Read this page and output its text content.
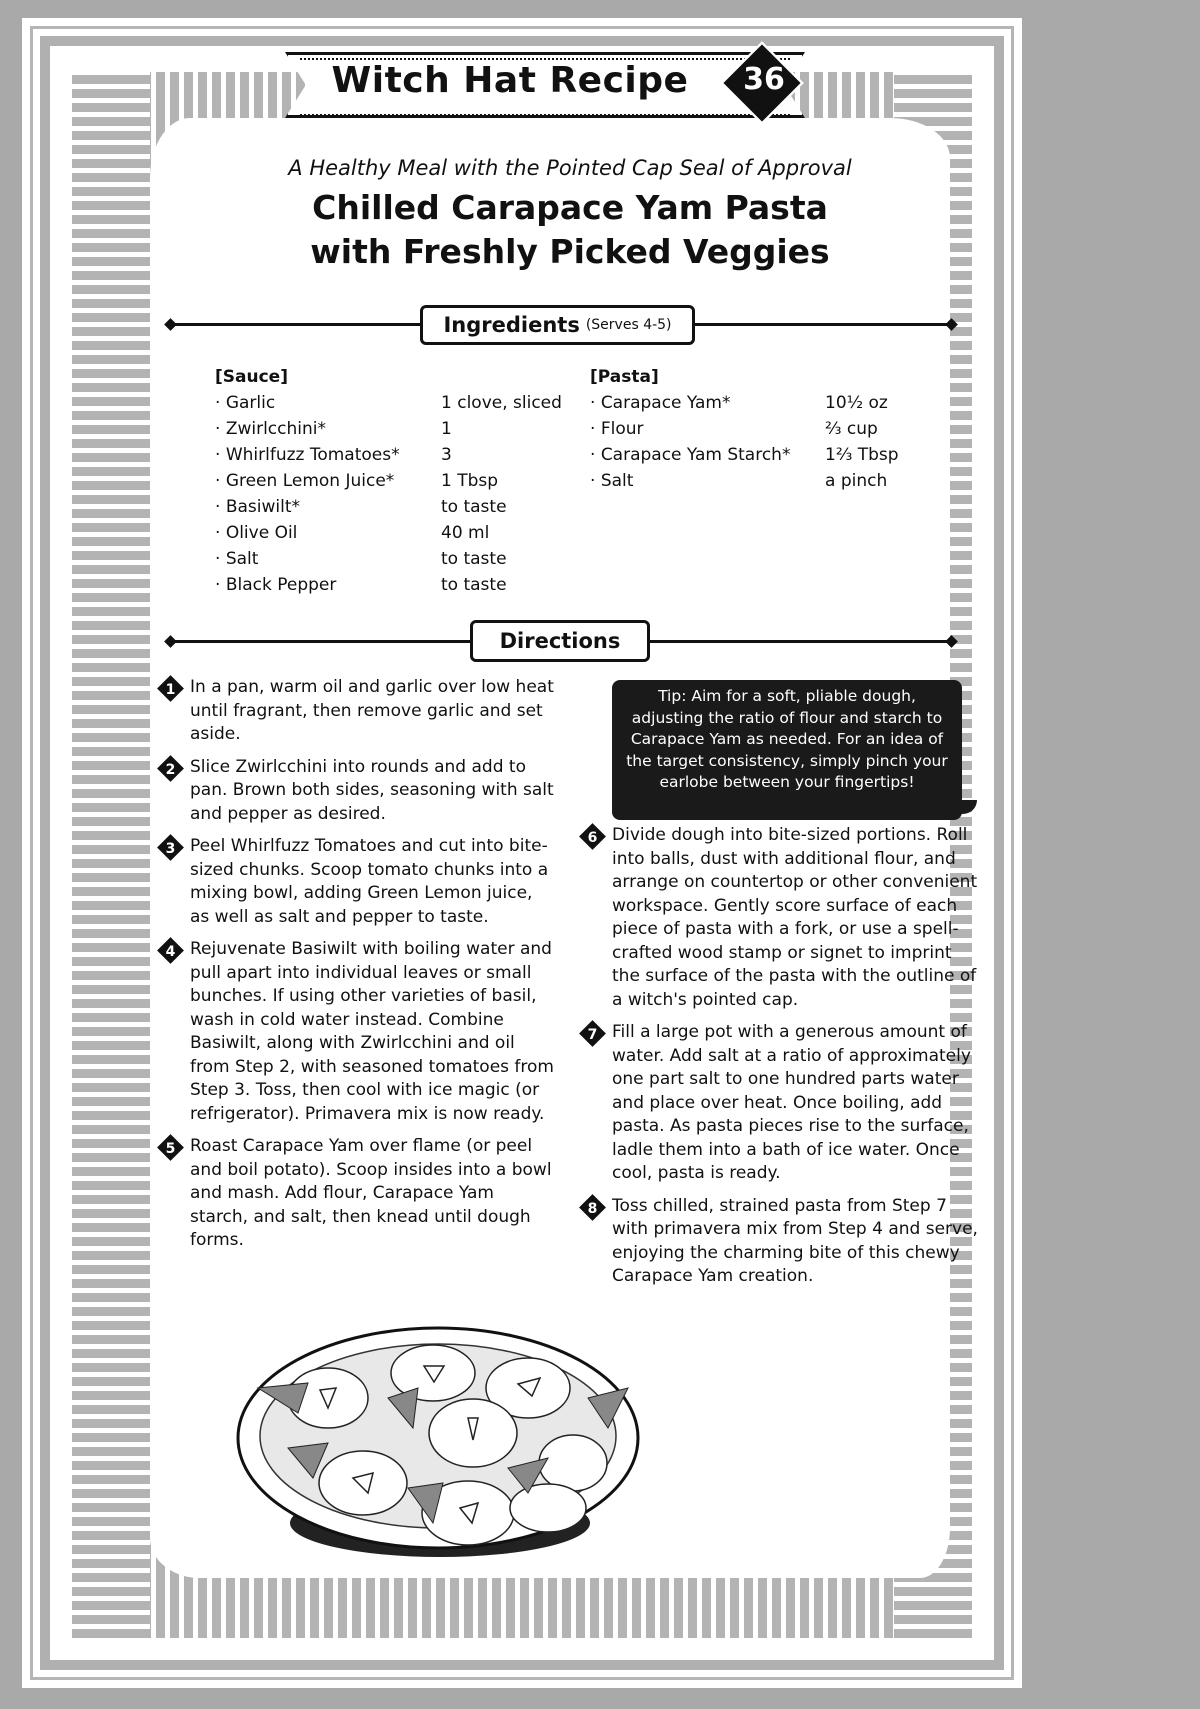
Witch Hat Recipe	36
A Healthy Meal with the Pointed Cap Seal of Approval
Chilled Carapace Yam Pasta
with Freshly Picked Veggies
Ingredients (Serves 4-5)
[Sauce]
· Garlic	1 clove, sliced
· Zwirlcchini*	1
· Whirlfuzz Tomatoes*	3
· Green Lemon Juice*	1 Tbsp
· Basiwilt*	to taste
· Olive Oil	40 ml
· Salt	to taste
· Black Pepper	to taste
[Pasta]
· Carapace Yam*	10½ oz
· Flour	⅔ cup
· Carapace Yam Starch*	1⅔ Tbsp
· Salt	a pinch
Directions
1 In a pan, warm oil and garlic over low heat until fragrant, then remove garlic and set aside.
2 Slice Zwirlcchini into rounds and add to pan. Brown both sides, seasoning with salt and pepper as desired.
3 Peel Whirlfuzz Tomatoes and cut into bite-sized chunks. Scoop tomato chunks into a mixing bowl, adding Green Lemon juice, as well as salt and pepper to taste.
4 Rejuvenate Basiwilt with boiling water and pull apart into individual leaves or small bunches. If using other varieties of basil, wash in cold water instead. Combine Basiwilt, along with Zwirlcchini and oil from Step 2, with seasoned tomatoes from Step 3. Toss, then cool with ice magic (or refrigerator). Primavera mix is now ready.
5 Roast Carapace Yam over flame (or peel and boil potato). Scoop insides into a bowl and mash. Add flour, Carapace Yam starch, and salt, then knead until dough forms.
Tip: Aim for a soft, pliable dough, adjusting the ratio of flour and starch to Carapace Yam as needed. For an idea of the target consistency, simply pinch your earlobe between your fingertips!
6 Divide dough into bite-sized portions. Roll into balls, dust with additional flour, and arrange on countertop or other convenient workspace. Gently score surface of each piece of pasta with a fork, or use a spell-crafted wood stamp or signet to imprint the surface of the pasta with the outline of a witch's pointed cap.
7 Fill a large pot with a generous amount of water. Add salt at a ratio of approximately one part salt to one hundred parts water and place over heat. Once boiling, add pasta. As pasta pieces rise to the surface, ladle them into a bath of ice water. Once cool, pasta is ready.
8 Toss chilled, strained pasta from Step 7 with primavera mix from Step 4 and serve, enjoying the charming bite of this chewy Carapace Yam creation.
